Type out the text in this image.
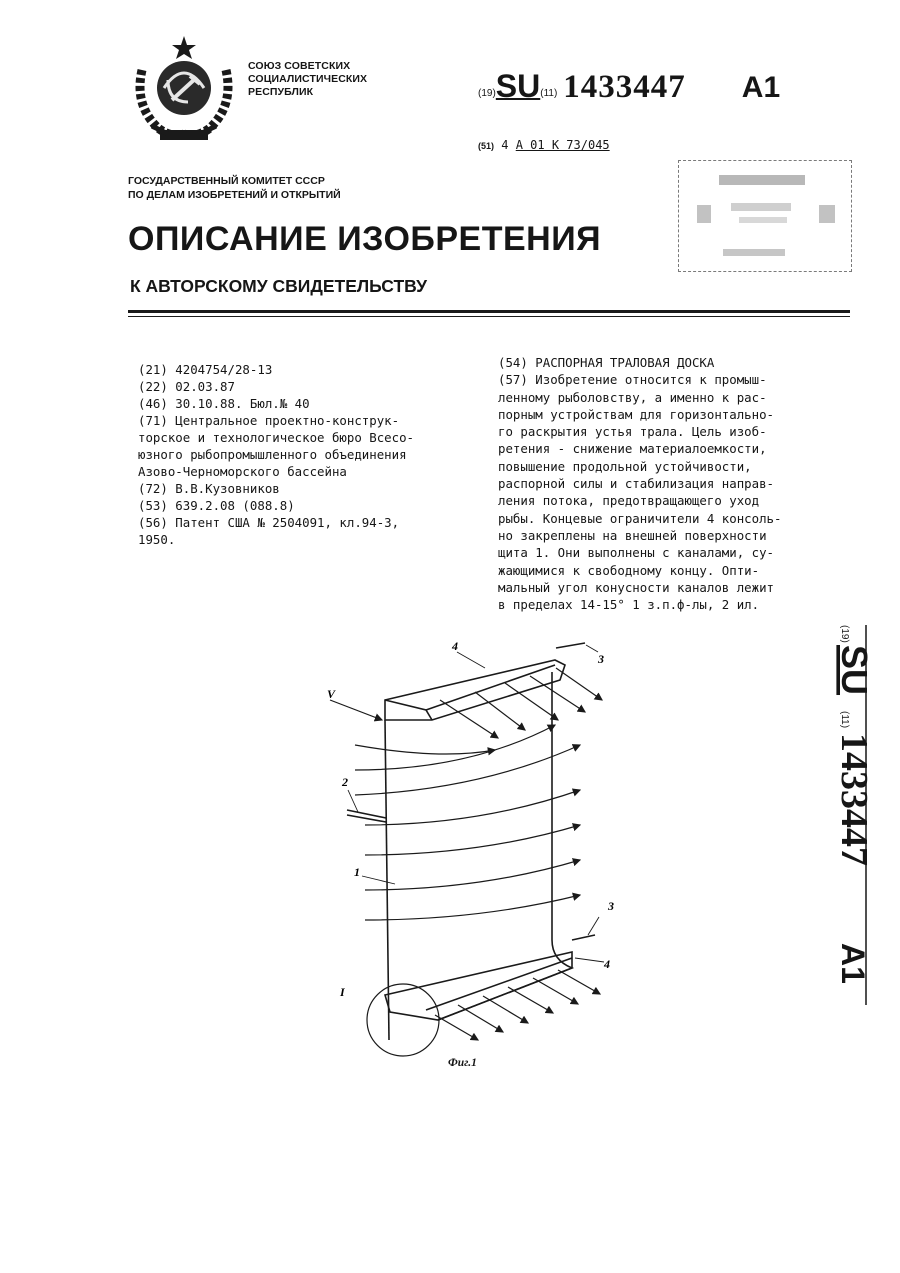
СОЮЗ СОВЕТСКИХ
СОЦИАЛИСТИЧЕСКИХ
РЕСПУБЛИК	(19)SU(11) 1433447 A1
(51) 4 A 01 K 73/045
ГОСУДАРСТВЕННЫЙ КОМИТЕТ СССР
ПО ДЕЛАМ ИЗОБРЕТЕНИЙ И ОТКРЫТИЙ
ОПИСАНИЕ ИЗОБРЕТЕНИЯ
К АВТОРСКОМУ СВИДЕТЕЛЬСТВУ
(21) 4204754/28-13
(22) 02.03.87
(46) 30.10.88. Бюл.№ 40
(71) Центральное проектно-конструк-
торское и технологическое бюро Всесо-
юзного рыбопромышленного объединения
Азово-Черноморского бассейна
(72) В.В.Кузовников
(53) 639.2.08 (088.8)
(56) Патент США № 2504091, кл.94-3,
1950.
(54) РАСПОРНАЯ ТРАЛОВАЯ ДОСКА
(57) Изобретение относится к промыш-
ленному рыболовству, а именно к рас-
порным устройствам для горизонтально-
го раскрытия устья трала. Цель изоб-
ретения - снижение материалоемкости,
повышение продольной устойчивости,
распорной силы и стабилизация направ-
ления потока, предотвращающего уход
рыбы. Концевые ограничители 4 консоль-
но закреплены на внешней поверхности
щита 1. Они выполнены с каналами, су-
жающимися к свободному концу. Опти-
мальный угол конусности каналов лежит
в пределах 14-15° 1 з.п.ф-лы, 2 ил.
(19)
SU
(11)
1433447
A1
4
3
V
2
1
3
4
I
Фиг.1
